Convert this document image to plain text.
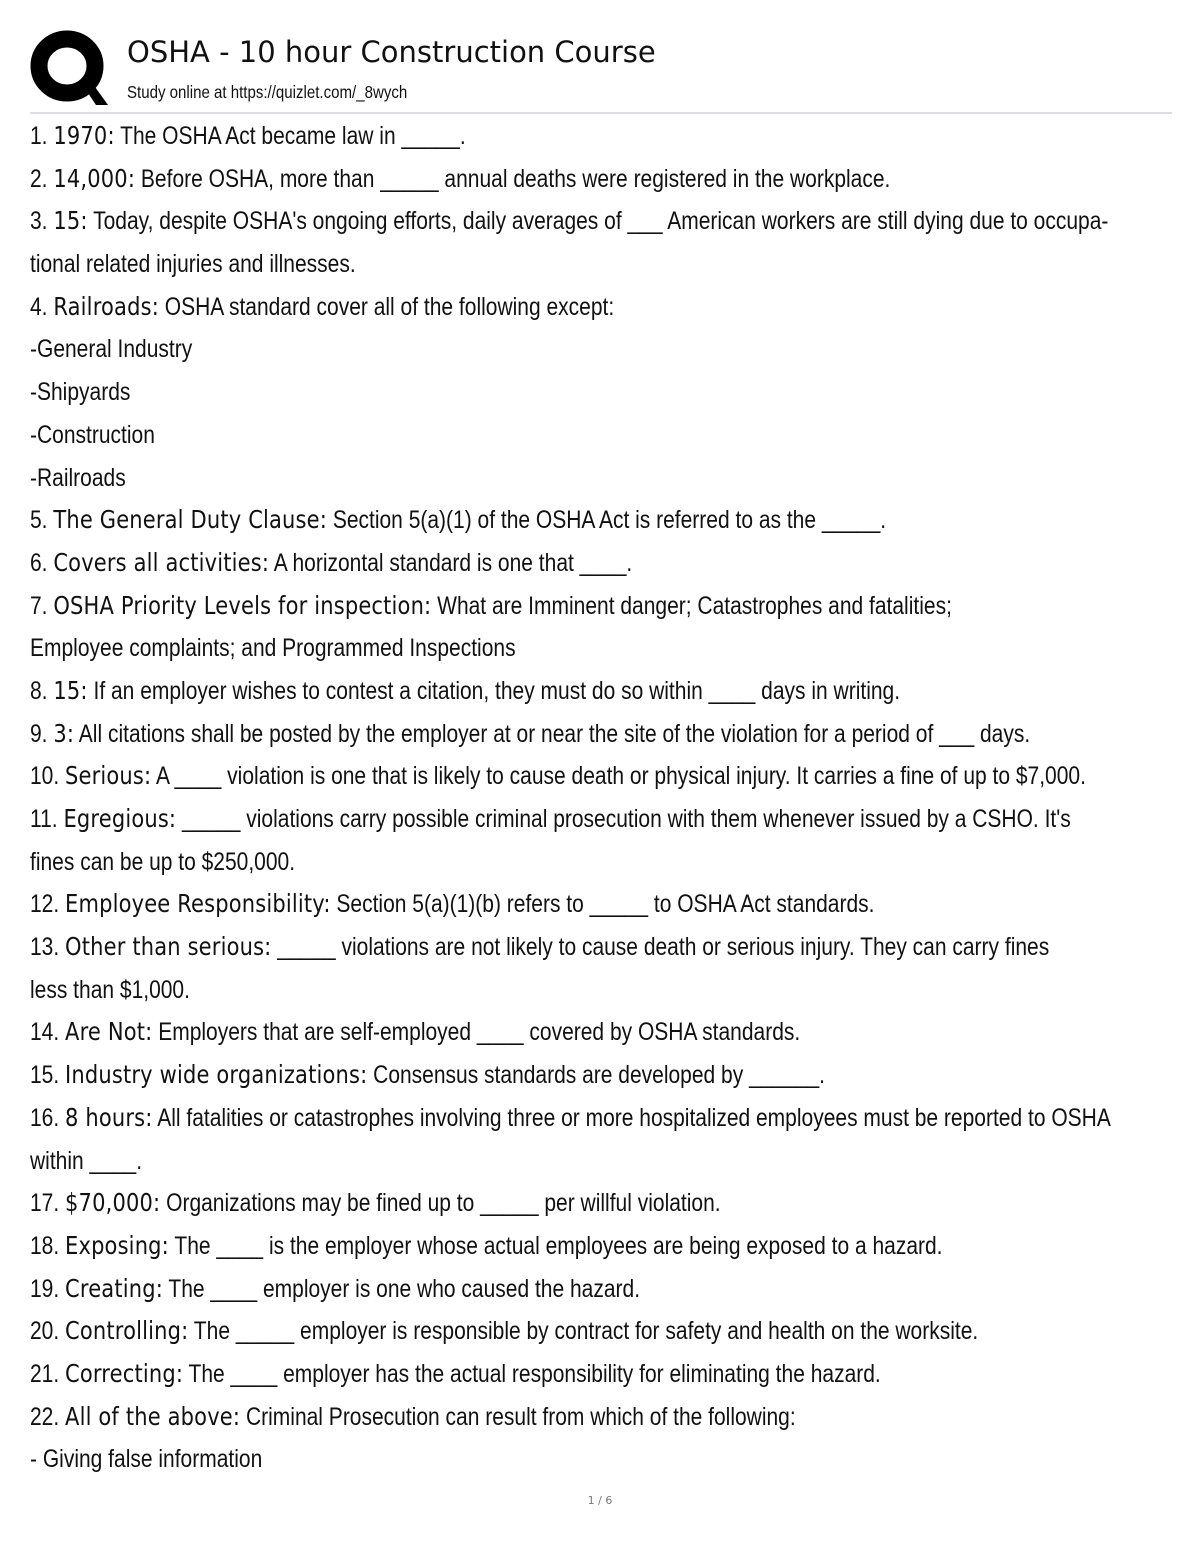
OSHA - 10 hour Construction Course
Study online at https://quizlet.com/_8wych
1. 1970: The OSHA Act became law in _____.
2. 14,000: Before OSHA, more than _____ annual deaths were registered in the workplace.
3. 15: Today, despite OSHA's ongoing efforts, daily averages of ___ American workers are still dying due to occupa-
tional related injuries and illnesses.
4. Railroads: OSHA standard cover all of the following except:
-General Industry
-Shipyards
-Construction
-Railroads
5. The General Duty Clause: Section 5(a)(1) of the OSHA Act is referred to as the _____.
6. Covers all activities: A horizontal standard is one that ____.
7. OSHA Priority Levels for inspection: What are Imminent danger; Catastrophes and fatalities;
Employee complaints; and Programmed Inspections
8. 15: If an employer wishes to contest a citation, they must do so within ____ days in writing.
9. 3: All citations shall be posted by the employer at or near the site of the violation for a period of ___ days.
10. Serious: A ____ violation is one that is likely to cause death or physical injury. It carries a fine of up to $7,000.
11. Egregious: _____ violations carry possible criminal prosecution with them whenever issued by a CSHO. It's
fines can be up to $250,000.
12. Employee Responsibility: Section 5(a)(1)(b) refers to _____ to OSHA Act standards.
13. Other than serious: _____ violations are not likely to cause death or serious injury. They can carry fines
less than $1,000.
14. Are Not: Employers that are self-employed ____ covered by OSHA standards.
15. Industry wide organizations: Consensus standards are developed by ______.
16. 8 hours: All fatalities or catastrophes involving three or more hospitalized employees must be reported to OSHA
within ____.
17. $70,000: Organizations may be fined up to _____ per willful violation.
18. Exposing: The ____ is the employer whose actual employees are being exposed to a hazard.
19. Creating: The ____ employer is one who caused the hazard.
20. Controlling: The _____ employer is responsible by contract for safety and health on the worksite.
21. Correcting: The ____ employer has the actual responsibility for eliminating the hazard.
22. All of the above: Criminal Prosecution can result from which of the following:
- Giving false information
1 / 6
